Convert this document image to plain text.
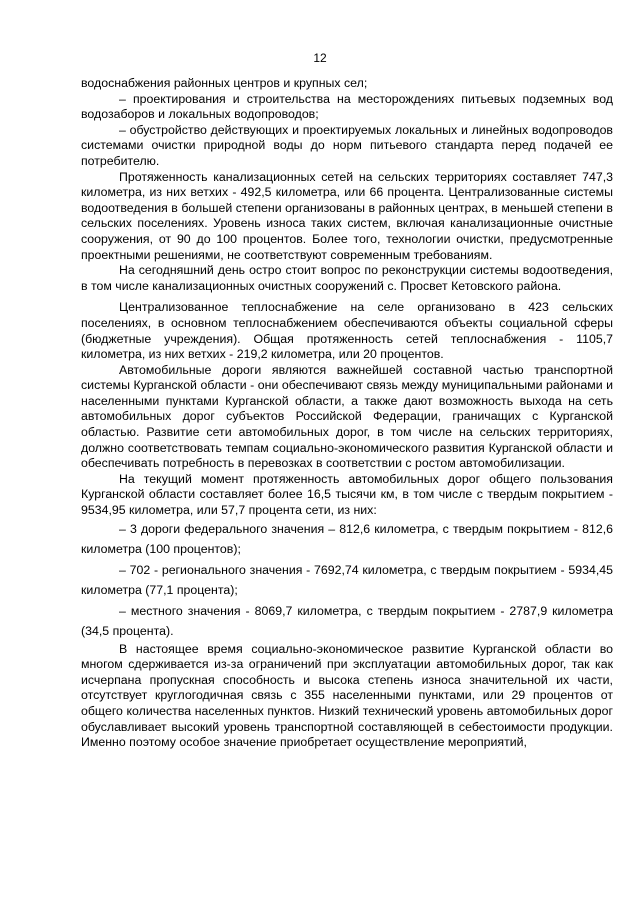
12

водоснабжения районных центров и крупных сел;

– проектирования и строительства на месторождениях питьевых подземных вод водозаборов и локальных водопроводов;

– обустройство действующих и проектируемых локальных и линейных водопроводов системами очистки природной воды до норм питьевого стандарта перед подачей ее потребителю.

Протяженность канализационных сетей на сельских территориях составляет 747,3 километра, из них ветхих - 492,5 километра, или 66 процента. Централизованные системы водоотведения в большей степени организованы в районных центрах, в меньшей степени в сельских поселениях. Уровень износа таких систем, включая канализационные очистные сооружения, от 90 до 100 процентов. Более того, технологии очистки, предусмотренные проектными решениями, не соответствуют современным требованиям.

На сегодняшний день остро стоит вопрос по реконструкции системы водоотведения, в том числе канализационных очистных сооружений с. Просвет Кетовского района.

Централизованное теплоснабжение на селе организовано в 423 сельских поселениях, в основном теплоснабжением обеспечиваются объекты социальной сферы (бюджетные учреждения). Общая протяженность сетей теплоснабжения - 1105,7 километра, из них ветхих - 219,2 километра, или 20 процентов.

Автомобильные дороги являются важнейшей составной частью транспортной системы Курганской области - они обеспечивают связь между муниципальными районами и населенными пунктами Курганской области, а также дают возможность выхода на сеть автомобильных дорог субъектов Российской Федерации, граничащих с Курганской областью. Развитие сети автомобильных дорог, в том числе на сельских территориях, должно соответствовать темпам социально-экономического развития Курганской области и обеспечивать потребность в перевозках в соответствии с ростом автомобилизации.

На текущий момент протяженность автомобильных дорог общего пользования Курганской области составляет более 16,5 тысячи км, в том числе с твердым покрытием - 9534,95 километра, или 57,7 процента сети, из них:

– 3 дороги федерального значения – 812,6 километра, с твердым покрытием - 812,6 километра (100 процентов);

– 702 - регионального значения - 7692,74 километра, с твердым покрытием - 5934,45 километра (77,1 процента);

– местного значения - 8069,7 километра, с твердым покрытием - 2787,9 километра (34,5 процента).

В настоящее время социально-экономическое развитие Курганской области во многом сдерживается из-за ограничений при эксплуатации автомобильных дорог, так как исчерпана пропускная способность и высока степень износа значительной их части, отсутствует круглогодичная связь с 355 населенными пунктами, или 29 процентов от общего количества населенных пунктов. Низкий технический уровень автомобильных дорог обуславливает высокий уровень транспортной составляющей в себестоимости продукции. Именно поэтому особое значение приобретает осуществление мероприятий,
